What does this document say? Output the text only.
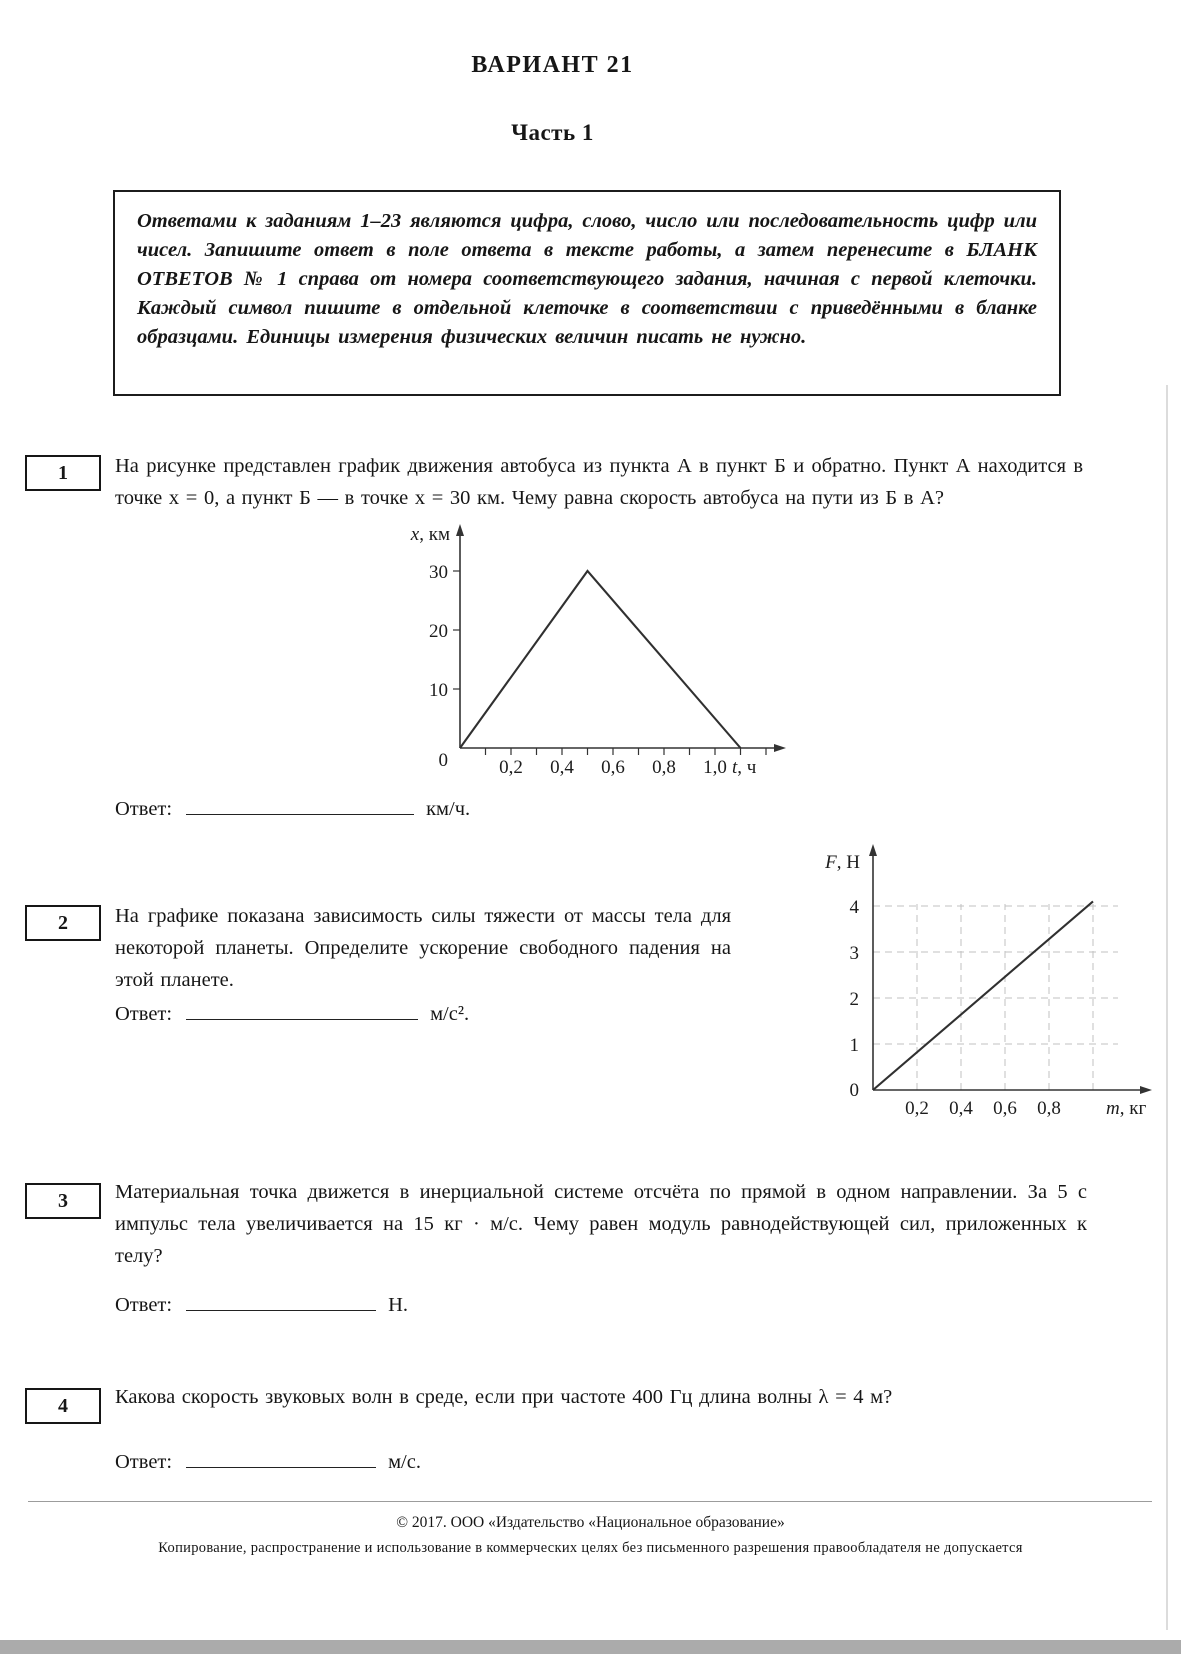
ВАРИАНТ 21
Часть 1
Ответами к заданиям 1–23 являются цифра, слово, число или последовательность цифр или чисел. Запишите ответ в поле ответа в тексте работы, а затем перенесите в БЛАНК ОТВЕТОВ № 1 справа от номера соответствующего задания, начиная с первой клеточки. Каждый символ пишите в отдельной клеточке в соответствии с приведёнными в бланке образцами. Единицы измерения физических величин писать не нужно.
1	На рисунке представлен график движения автобуса из пункта А в пункт Б и обратно. Пункт А находится в точке x = 0, а пункт Б — в точке x = 30 км. Чему равна скорость автобуса на пути из Б в А?
10
20
30
0	0,2 0,4 0,6 0,8 1,0 t, ч
x, км
Ответ:	км/ч.
2	На графике показана зависимость силы тяжести от массы тела для некоторой планеты. Определите ускорение свободного падения на этой планете.
1
2
3
4
0
0,2 0,4 0,6 0,8 m, кг
F, Н
Ответ:	м/с².
3	Материальная точка движется в инерциальной системе отсчёта по прямой в одном направлении. За 5 с импульс тела увеличивается на 15 кг · м/с. Чему равен модуль равнодействующей сил, приложенных к телу?
Ответ:	Н.
4	Какова скорость звуковых волн в среде, если при частоте 400 Гц длина волны λ = 4 м?
Ответ:	м/с.
© 2017. ООО «Издательство «Национальное образование»
Копирование, распространение и использование в коммерческих целях без письменного разрешения правообладателя не допускается
